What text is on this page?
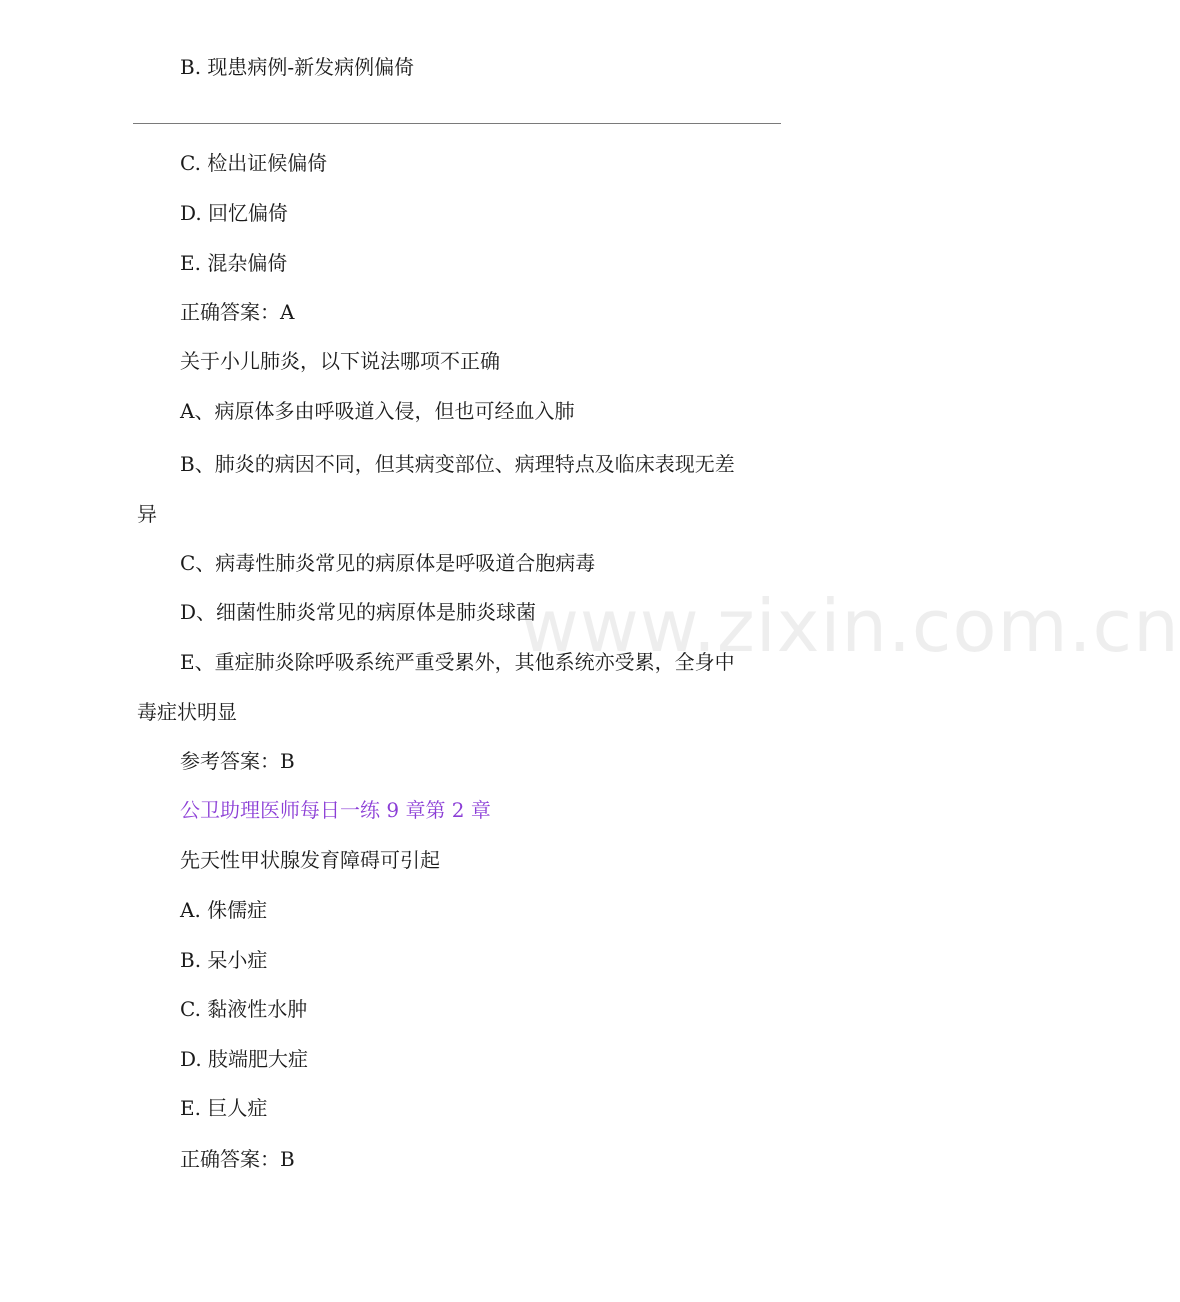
www.zixin.com.cn
B. 现患病例-新发病例偏倚
C. 检出证候偏倚
D. 回忆偏倚
E. 混杂偏倚
正确答案：A
关于小儿肺炎，以下说法哪项不正确
A、病原体多由呼吸道入侵，但也可经血入肺
B、肺炎的病因不同，但其病变部位、病理特点及临床表现无差
异
C、病毒性肺炎常见的病原体是呼吸道合胞病毒
D、细菌性肺炎常见的病原体是肺炎球菌
E、重症肺炎除呼吸系统严重受累外，其他系统亦受累，全身中
毒症状明显
参考答案：B
公卫助理医师每日一练 9 章第 2 章
先天性甲状腺发育障碍可引起
A. 侏儒症
B. 呆小症
C. 黏液性水肿
D. 肢端肥大症
E. 巨人症
正确答案：B
